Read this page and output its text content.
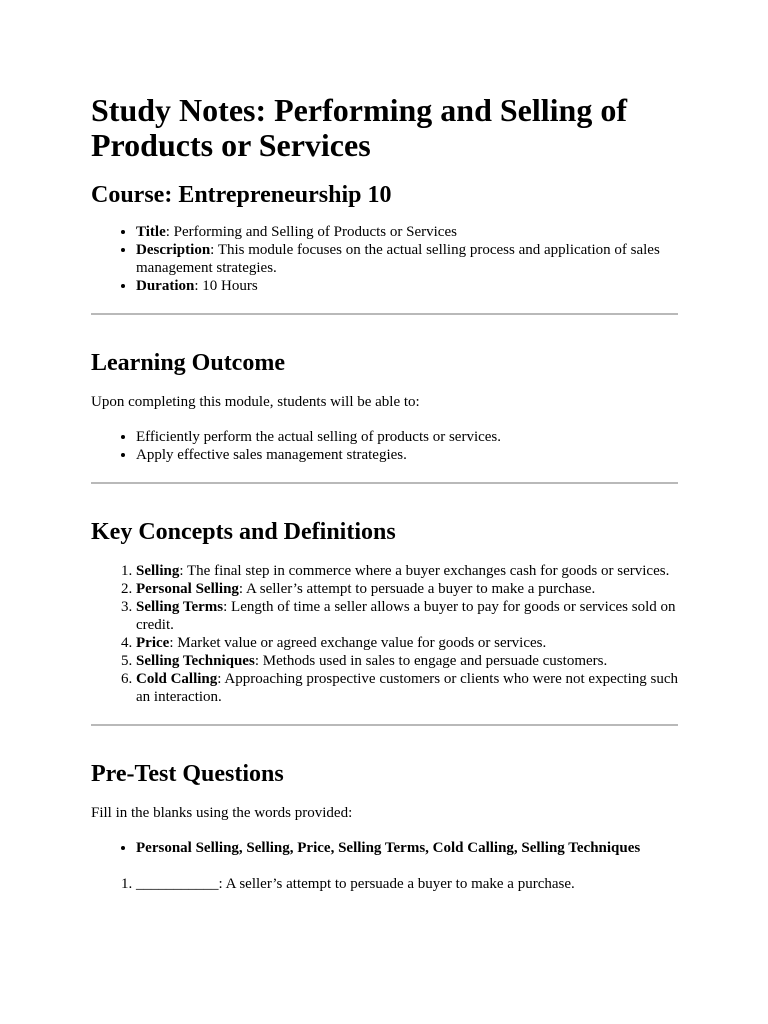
Study Notes: Performing and Selling of Products or Services
Course: Entrepreneurship 10
• Title: Performing and Selling of Products or Services
• Description: This module focuses on the actual selling process and application of sales management strategies.
• Duration: 10 Hours
Learning Outcome

Upon completing this module, students will be able to:

• Efficiently perform the actual selling of products or services.
• Apply effective sales management strategies.
Key Concepts and Definitions
1. Selling: The final step in commerce where a buyer exchanges cash for goods or services.
2. Personal Selling: A seller’s attempt to persuade a buyer to make a purchase.
3. Selling Terms: Length of time a seller allows a buyer to pay for goods or services sold on credit.
4. Price: Market value or agreed exchange value for goods or services.
5. Selling Techniques: Methods used in sales to engage and persuade customers.
6. Cold Calling: Approaching prospective customers or clients who were not expecting such an interaction.
Pre-Test Questions

Fill in the blanks using the words provided:

• Personal Selling, Selling, Price, Selling Terms, Cold Calling, Selling Techniques
1. ___________: A seller’s attempt to persuade a buyer to make a purchase.
